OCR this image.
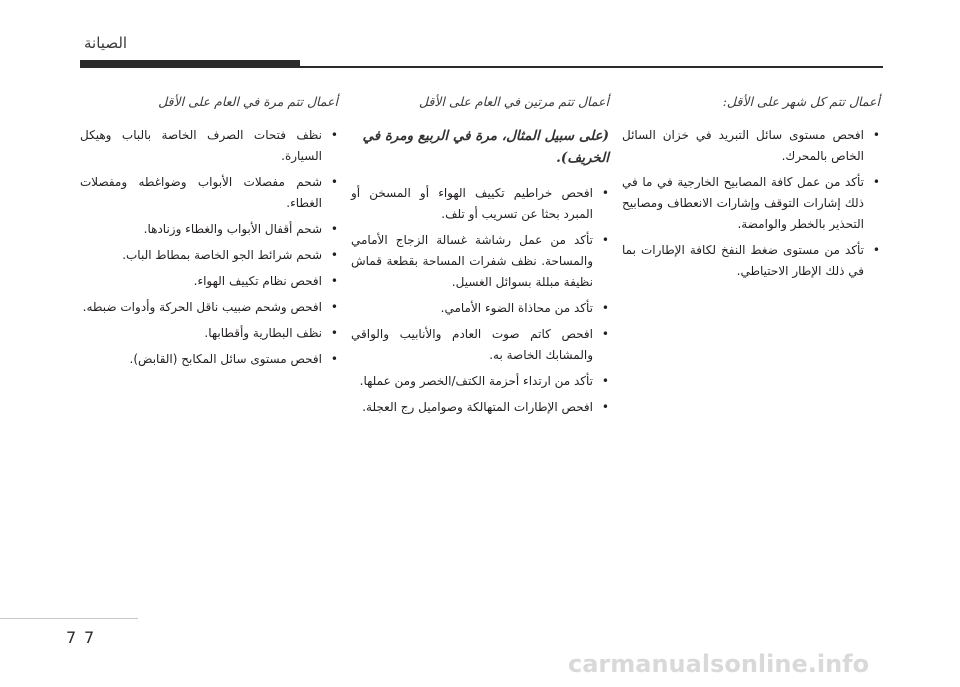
الصيانة

أعمال تتم كل شهر على الأقل:

• افحص مستوى سائل التبريد في خزان السائل الخاص بالمحرك.
• تأكد من عمل كافة المصابيح الخارجية في ما في ذلك إشارات التوقف وإشارات الانعطاف ومصابيح التحذير بالخطر والوامضة.
• تأكد من مستوى ضغط النفخ لكافة الإطارات بما في ذلك الإطار الاحتياطي.

أعمال تتم مرتين في العام على الأقل

(على سبيل المثال، مرة في الربيع ومرة في الخريف).

• افحص خراطيم تكييف الهواء أو المسخن أو المبرد بحثا عن تسريب أو تلف.
• تأكد من عمل رشاشة غسالة الزجاج الأمامي والمساحة. نظف شفرات المساحة بقطعة قماش نظيفة مبللة بسوائل الغسيل.
• تأكد من محاذاة الضوء الأمامي.
• افحص كاتم صوت العادم والأنابيب والواقي والمشابك الخاصة به.
• تأكد من ارتداء أحزمة الكتف/الخصر ومن عملها.
• افحص الإطارات المتهالكة وصواميل رج العجلة.

أعمال تتم مرة في العام على الأقل

• نظف فتحات الصرف الخاصة بالباب وهيكل السيارة.
• شحم مفصلات الأبواب وضواغطه ومفصلات الغطاء.
• شحم أقفال الأبواب والغطاء وزنادها.
• شحم شرائط الجو الخاصة بمطاط الباب.
• افحص نظام تكييف الهواء.
• افحص وشحم ضبيب ناقل الحركة وأدوات ضبطه.
• نظف البطارية وأقطابها.
• افحص مستوى سائل المكابح (القابض).
7 7
carmanualsonline.info
